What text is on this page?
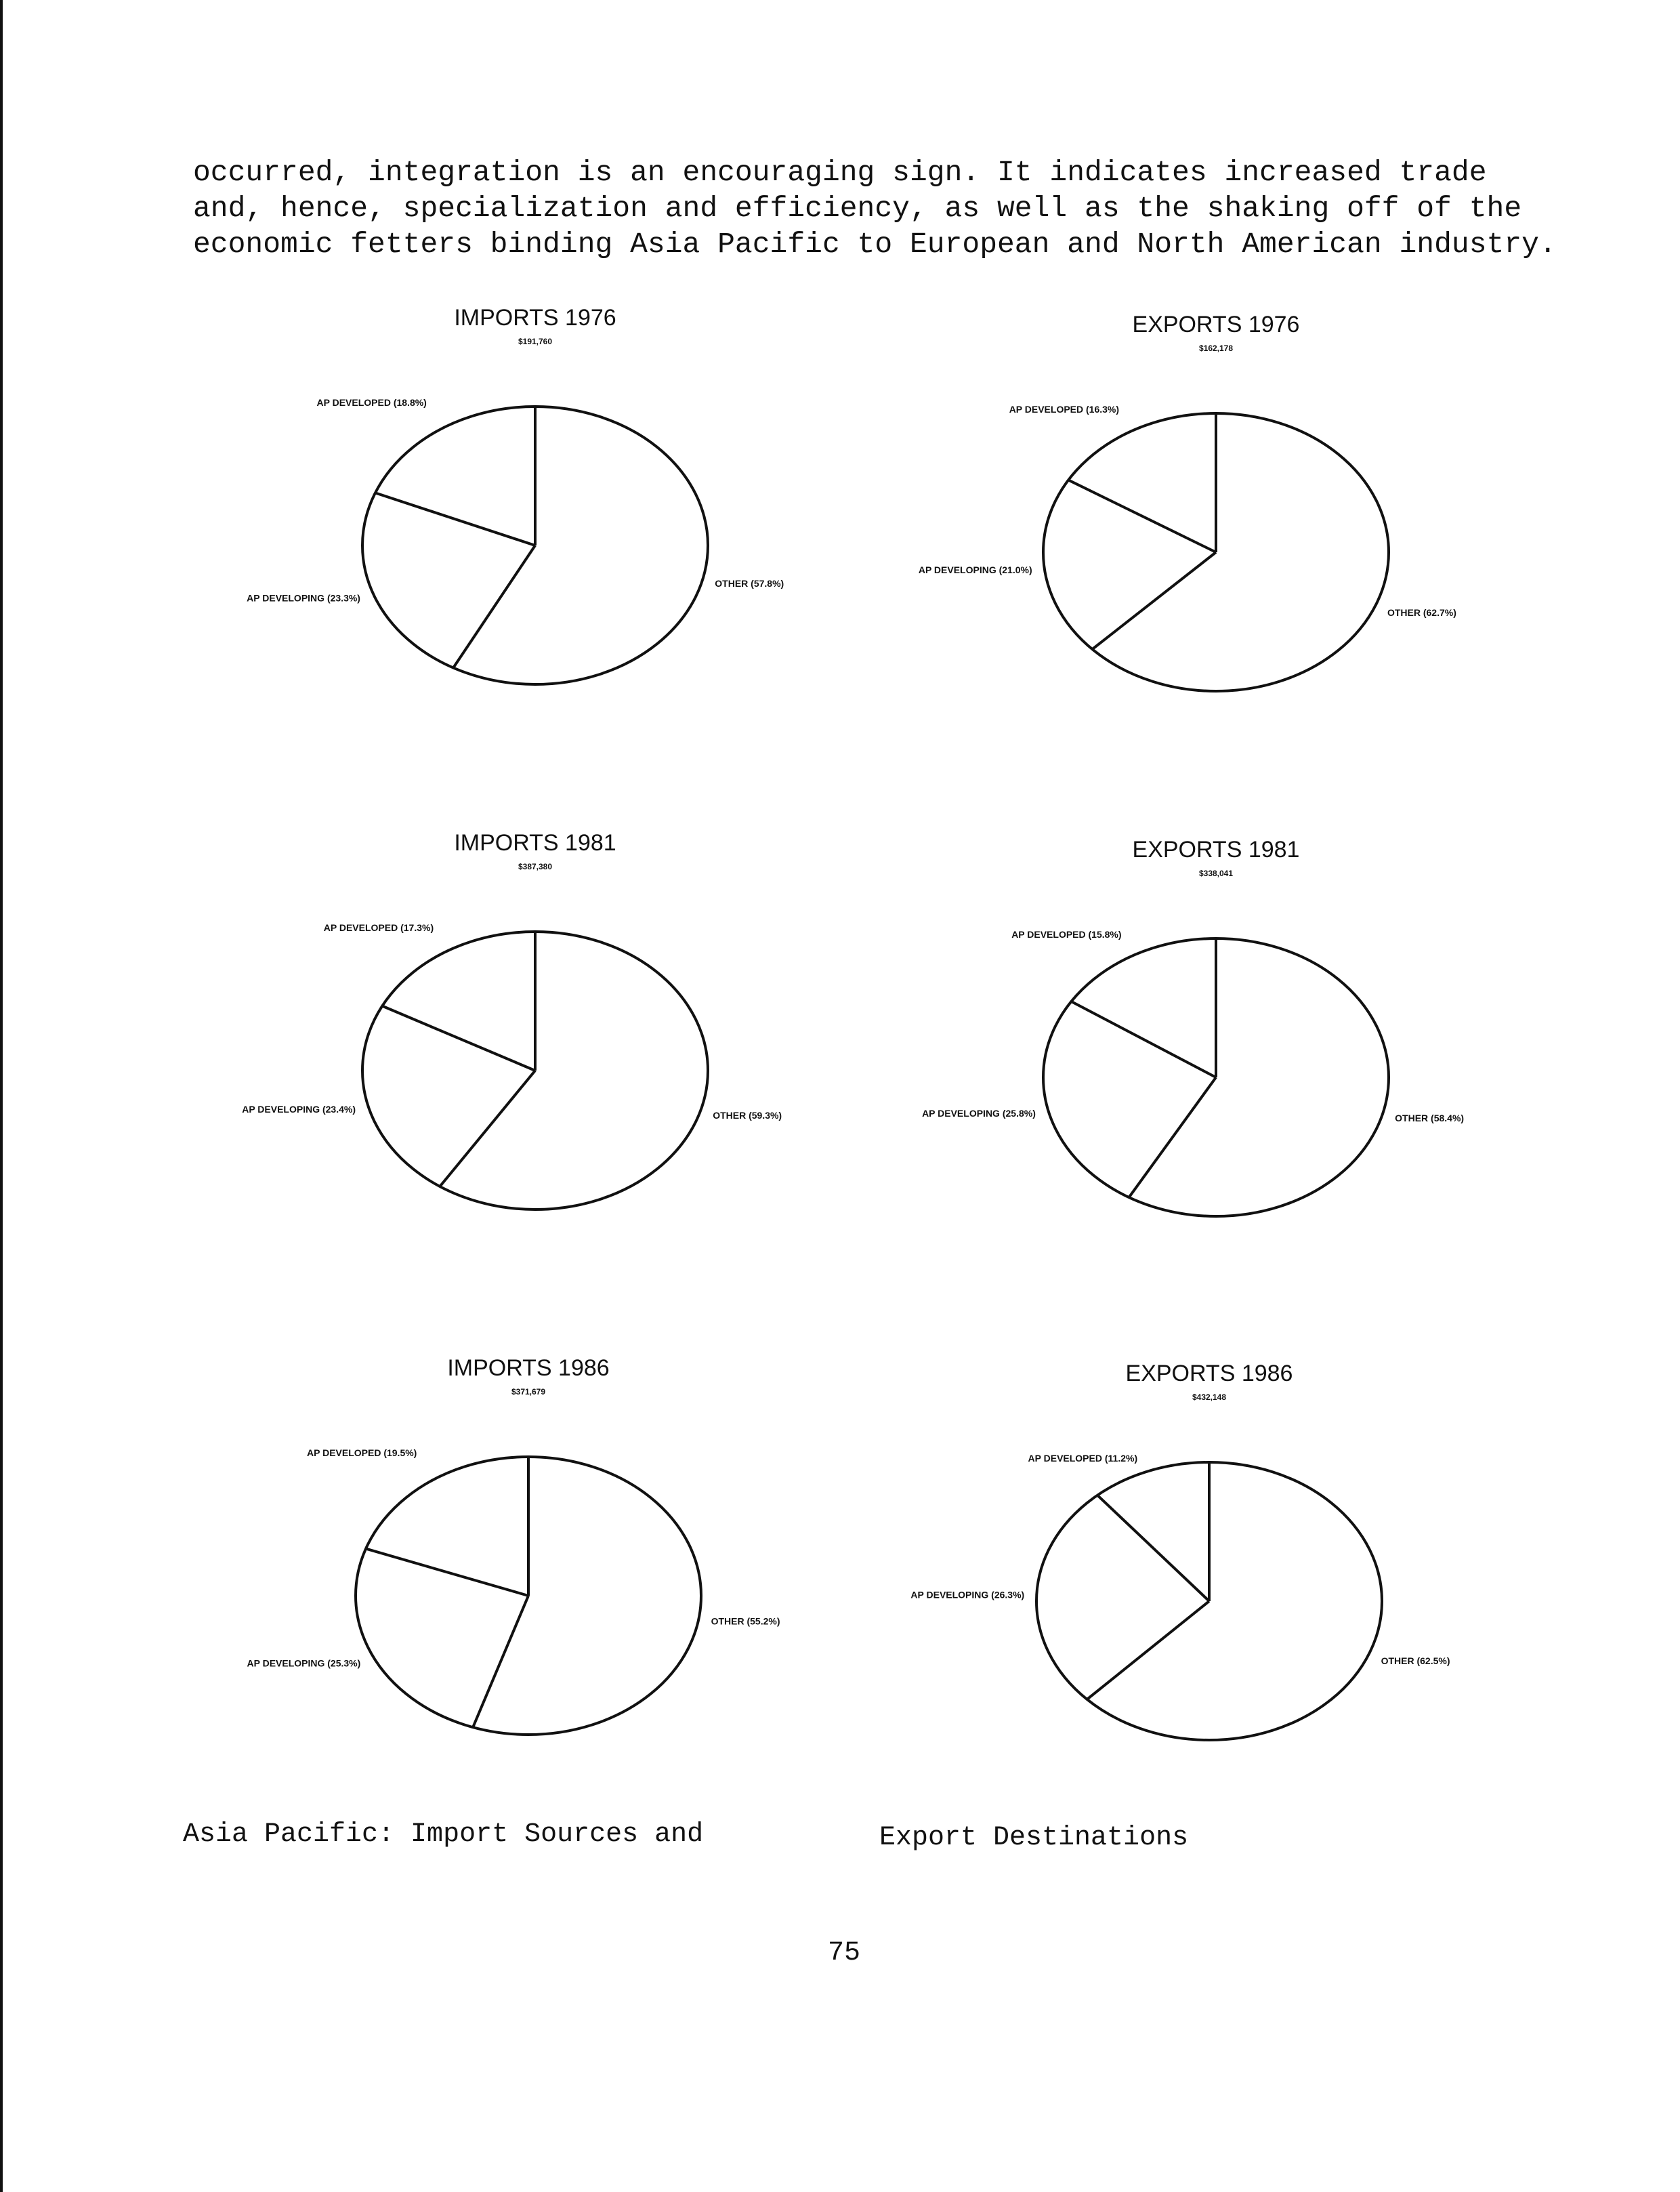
occurred, integration is an encouraging sign. It indicates increased trade

and, hence, specialization and efficiency, as well as the shaking off of the

economic fetters binding Asia Pacific to European and North American industry.

IMPORTS 1976
$191,760
AP DEVELOPED (18.8%)
AP DEVELOPING (23.3%)
OTHER (57.8%)
EXPORTS 1976
$162,178
AP DEVELOPED (16.3%)
AP DEVELOPING (21.0%)
OTHER (62.7%)
IMPORTS 1981
$387,380
AP DEVELOPED (17.3%)
AP DEVELOPING (23.4%)
OTHER (59.3%)
EXPORTS 1981
$338,041
AP DEVELOPED (15.8%)
AP DEVELOPING (25.8%)	OTHER (58.4%)
IMPORTS 1986
$371,679
AP DEVELOPED (19.5%)
AP DEVELOPING (25.3%)
OTHER (55.2%)
EXPORTS 1986
$432,148
AP DEVELOPED (11.2%)
AP DEVELOPING (26.3%)
OTHER (62.5%)
Asia Pacific: Import Sources and	Export Destinations
75
